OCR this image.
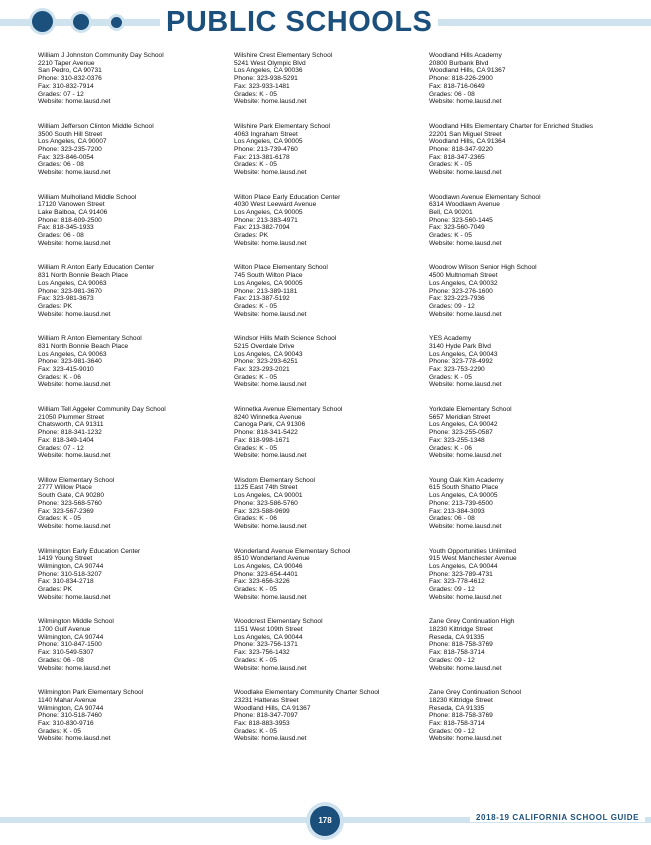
PUBLIC SCHOOLS
William J Johnston Community Day School
2210 Taper Avenue
San Pedro, CA 90731
Phone: 310-832-0376
Fax: 310-832-7914
Grades: 07 - 12
Website: home.lausd.net
William Jefferson Clinton Middle School
3500 South Hill Street
Los Angeles, CA 90007
Phone: 323-235-7200
Fax: 323-846-0054
Grades: 06 - 08
Website: home.lausd.net
William Mulholland Middle School
17120 Vanowen Street
Lake Balboa, CA 91406
Phone: 818-609-2500
Fax: 818-345-1933
Grades: 06 - 08
Website: home.lausd.net
William R Anton Early Education Center
831 North Bonnie Beach Place
Los Angeles, CA 90063
Phone: 323-981-3670
Fax: 323-981-3673
Grades: PK
Website: home.lausd.net
William R Anton Elementary School
831 North Bonnie Beach Place
Los Angeles, CA 90063
Phone: 323-981-3640
Fax: 323-415-9010
Grades: K - 06
Website: home.lausd.net
William Tell Aggeler Community Day School
21050 Plummer Street
Chatsworth, CA 91311
Phone: 818-341-1232
Fax: 818-349-1404
Grades: 07 - 12
Website: home.lausd.net
Willow Elementary School
2777 Willow Place
South Gate, CA 90280
Phone: 323-568-5760
Fax: 323-567-2369
Grades: K - 05
Website: home.lausd.net
Wilmington Early Education Center
1419 Young Street
Wilmington, CA 90744
Phone: 310-518-3207
Fax: 310-834-2718
Grades: PK
Website: home.lausd.net
Wilmington Middle School
1700 Gulf Avenue
Wilmington, CA 90744
Phone: 310-847-1500
Fax: 310-549-5307
Grades: 06 - 08
Website: home.lausd.net
Wilmington Park Elementary School
1140 Mahar Avenue
Wilmington, CA 90744
Phone: 310-518-7460
Fax: 310-830-9716
Grades: K - 05
Website: home.lausd.net
Wilshire Crest Elementary School
5241 West Olympic Blvd
Los Angeles, CA 90036
Phone: 323-938-5291
Fax: 323-933-1481
Grades: K - 05
Website: home.lausd.net
Wilshire Park Elementary School
4063 Ingraham Street
Los Angeles, CA 90005
Phone: 213-739-4760
Fax: 213-381-6178
Grades: K - 05
Website: home.lausd.net
Wilton Place Early Education Center
4030 West Leeward Avenue
Los Angeles, CA 90005
Phone: 213-383-4971
Fax: 213-382-7094
Grades: PK
Website: home.lausd.net
Wilton Place Elementary School
745 South Wilton Place
Los Angeles, CA 90005
Phone: 213-389-1181
Fax: 213-387-5192
Grades: K - 05
Website: home.lausd.net
Windsor Hills Math Science School
5215 Overdale Drive
Los Angeles, CA 90043
Phone: 323-293-6251
Fax: 323-293-2021
Grades: K - 05
Website: home.lausd.net
Winnetka Avenue Elementary School
8240 Winnetka Avenue
Canoga Park, CA 91306
Phone: 818-341-5422
Fax: 818-998-1671
Grades: K - 05
Website: home.lausd.net
Wisdom Elementary School
1125 East 74th Street
Los Angeles, CA 90001
Phone: 323-586-5760
Fax: 323-588-9699
Grades: K - 06
Website: home.lausd.net
Wonderland Avenue Elementary School
8510 Wonderland Avenue
Los Angeles, CA 90046
Phone: 323-654-4401
Fax: 323-656-3226
Grades: K - 05
Website: home.lausd.net
Woodcrest Elementary School
1151 West 109th Street
Los Angeles, CA 90044
Phone: 323-756-1371
Fax: 323-756-1432
Grades: K - 05
Website: home.lausd.net
Woodlake Elementary Community Charter School
23231 Hatteras Street
Woodland Hills, CA 91367
Phone: 818-347-7097
Fax: 818-883-3953
Grades: K - 05
Website: home.lausd.net
Woodland Hills Academy
20800 Burbank Blvd
Woodland Hills, CA 91367
Phone: 818-226-2900
Fax: 818-716-0649
Grades: 06 - 08
Website: home.lausd.net
Woodland Hills Elementary Charter for Enriched Studies
22201 San Miguel Street
Woodland Hills, CA 91364
Phone: 818-347-9220
Fax: 818-347-2365
Grades: K - 05
Website: home.lausd.net
Woodlawn Avenue Elementary School
6314 Woodlawn Avenue
Bell, CA 90201
Phone: 323-560-1445
Fax: 323-560-7049
Grades: K - 05
Website: home.lausd.net
Woodrow Wilson Senior High School
4500 Multnomah Street
Los Angeles, CA 90032
Phone: 323-276-1600
Fax: 323-223-7936
Grades: 09 - 12
Website: home.lausd.net
YES Academy
3140 Hyde Park Blvd
Los Angeles, CA 90043
Phone: 323-778-4992
Fax: 323-753-2290
Grades: K - 05
Website: home.lausd.net
Yorkdale Elementary School
5657 Meridian Street
Los Angeles, CA 90042
Phone: 323-255-0587
Fax: 323-255-1348
Grades: K - 06
Website: home.lausd.net
Young Oak Kim Academy
615 South Shatto Place
Los Angeles, CA 90005
Phone: 213-739-6500
Fax: 213-384-3093
Grades: 06 - 08
Website: home.lausd.net
Youth Opportunities Unlimited
915 West Manchester Avenue
Los Angeles, CA 90044
Phone: 323-789-4731
Fax: 323-778-4612
Grades: 09 - 12
Website: home.lausd.net
Zane Grey Continuation High
18230 Kittridge Street
Reseda, CA 91335
Phone: 818-758-3769
Fax: 818-758-3714
Grades: 09 - 12
Website: home.lausd.net
Zane Grey Continuation School
18230 Kittridge Street
Reseda, CA 91335
Phone: 818-758-3769
Fax: 818-758-3714
Grades: 09 - 12
Website: home.lausd.net
178	2018-19 CALIFORNIA SCHOOL GUIDE
